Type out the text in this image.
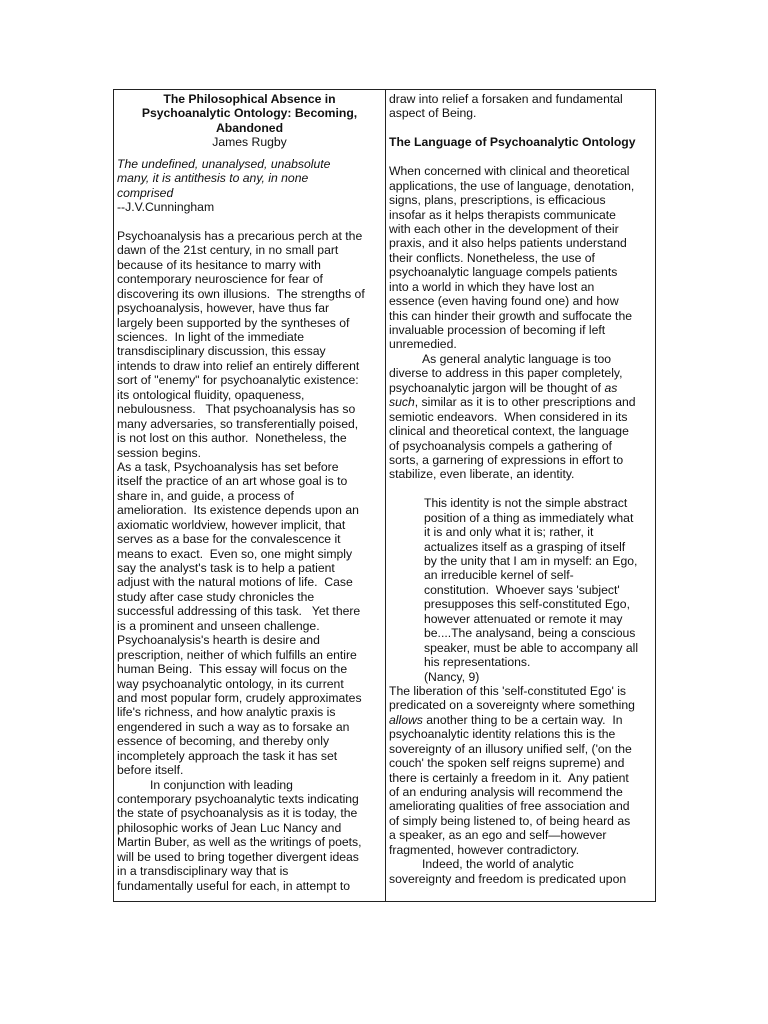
The Philosophical Absence in
Psychoanalytic Ontology: Becoming,
Abandoned
James Rugby
The undefined, unanalysed, unabsolute
many, it is antithesis to any, in none
comprised
--J.V.Cunningham
Psychoanalysis has a precarious perch at the
dawn of the 21st century, in no small part
because of its hesitance to marry with
contemporary neuroscience for fear of
discovering its own illusions.  The strengths of
psychoanalysis, however, have thus far
largely been supported by the syntheses of
sciences.  In light of the immediate
transdisciplinary discussion, this essay
intends to draw into relief an entirely different
sort of "enemy" for psychoanalytic existence:
its ontological fluidity, opaqueness,
nebulousness.   That psychoanalysis has so
many adversaries, so transferentially poised,
is not lost on this author.  Nonetheless, the
session begins.
As a task, Psychoanalysis has set before
itself the practice of an art whose goal is to
share in, and guide, a process of
amelioration.  Its existence depends upon an
axiomatic worldview, however implicit, that
serves as a base for the convalescence it
means to exact.  Even so, one might simply
say the analyst's task is to help a patient
adjust with the natural motions of life.  Case
study after case study chronicles the
successful addressing of this task.   Yet there
is a prominent and unseen challenge.
Psychoanalysis's hearth is desire and
prescription, neither of which fulfills an entire
human Being.  This essay will focus on the
way psychoanalytic ontology, in its current
and most popular form, crudely approximates
life's richness, and how analytic praxis is
engendered in such a way as to forsake an
essence of becoming, and thereby only
incompletely approach the task it has set
before itself.
In conjunction with leading
contemporary psychoanalytic texts indicating
the state of psychoanalysis as it is today, the
philosophic works of Jean Luc Nancy and
Martin Buber, as well as the writings of poets,
will be used to bring together divergent ideas
in a transdisciplinary way that is
fundamentally useful for each, in attempt to
draw into relief a forsaken and fundamental
aspect of Being.
The Language of Psychoanalytic Ontology
When concerned with clinical and theoretical
applications, the use of language, denotation,
signs, plans, prescriptions, is efficacious
insofar as it helps therapists communicate
with each other in the development of their
praxis, and it also helps patients understand
their conflicts. Nonetheless, the use of
psychoanalytic language compels patients
into a world in which they have lost an
essence (even having found one) and how
this can hinder their growth and suffocate the
invaluable procession of becoming if left
unremedied.
As general analytic language is too
diverse to address in this paper completely,
psychoanalytic jargon will be thought of as
such, similar as it is to other prescriptions and
semiotic endeavors.  When considered in its
clinical and theoretical context, the language
of psychoanalysis compels a gathering of
sorts, a garnering of expressions in effort to
stabilize, even liberate, an identity.
This identity is not the simple abstract
position of a thing as immediately what
it is and only what it is; rather, it
actualizes itself as a grasping of itself
by the unity that I am in myself: an Ego,
an irreducible kernel of self-
constitution.  Whoever says 'subject'
presupposes this self-constituted Ego,
however attenuated or remote it may
be....The analysand, being a conscious
speaker, must be able to accompany all
his representations.
(Nancy, 9)
The liberation of this 'self-constituted Ego' is
predicated on a sovereignty where something
allows another thing to be a certain way.  In
psychoanalytic identity relations this is the
sovereignty of an illusory unified self, ('on the
couch' the spoken self reigns supreme) and
there is certainly a freedom in it.  Any patient
of an enduring analysis will recommend the
ameliorating qualities of free association and
of simply being listened to, of being heard as
a speaker, as an ego and self—however
fragmented, however contradictory.
Indeed, the world of analytic
sovereignty and freedom is predicated upon
